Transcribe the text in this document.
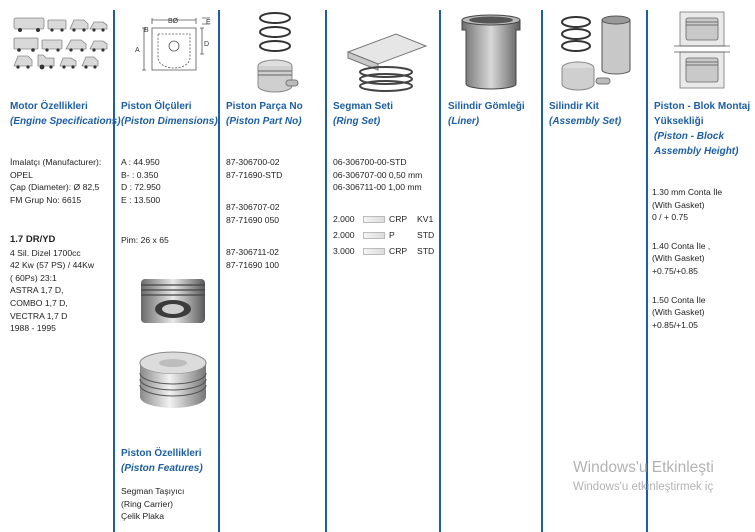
Motor Özellikleri
(Engine Specifications)
İmalatçı (Manufacturer):
OPEL
Çap (Diameter): Ø 82,5
FM Grup No: 6615
1.7 DR/YD
4 Sil. Dizel 1700cc
42 Kw (57 PS) / 44Kw
( 60Ps) 23:1
ASTRA 1,7 D,
COMBO 1,7 D,
VECTRA 1,7 D
1988 - 1995
BØ
B
A
D
E
Piston Ölçüleri
(Piston Dimensions)
A : 44.950
B- : 0.350
D : 72.950
E : 13.500
Pim: 26 x 65
Piston Özellikleri
(Piston Features)
Segman Taşıyıcı
(Ring Carrier)
Çelik Plaka
Piston Parça No
(Piston Part No)
87-306700-02
87-71690-STD
87-306707-02
87-71690 050
87-306711-02
87-71690 100
Segman Seti
(Ring Set)
06-306700-00-STD
06-306707-00 0,50 mm
06-306711-00 1,00 mm
2.000	CRP	KV1
2.000	P	STD
3.000	CRP	STD
Silindir Gömleği
(Liner)
Silindir Kit
(Assembly Set)
Piston - Blok Montaj
Yüksekliği
(Piston - Block
Assembly Height)
1.30 mm Conta İle
(With Gasket)
0 / + 0.75
1.40 Conta İle ,
(With Gasket)
+0.75/+0.85
1.50 Conta İle
(With Gasket)
+0.85/+1.05
Windows'u Etkinleşti
Windows'u etkinleştirmek iç
